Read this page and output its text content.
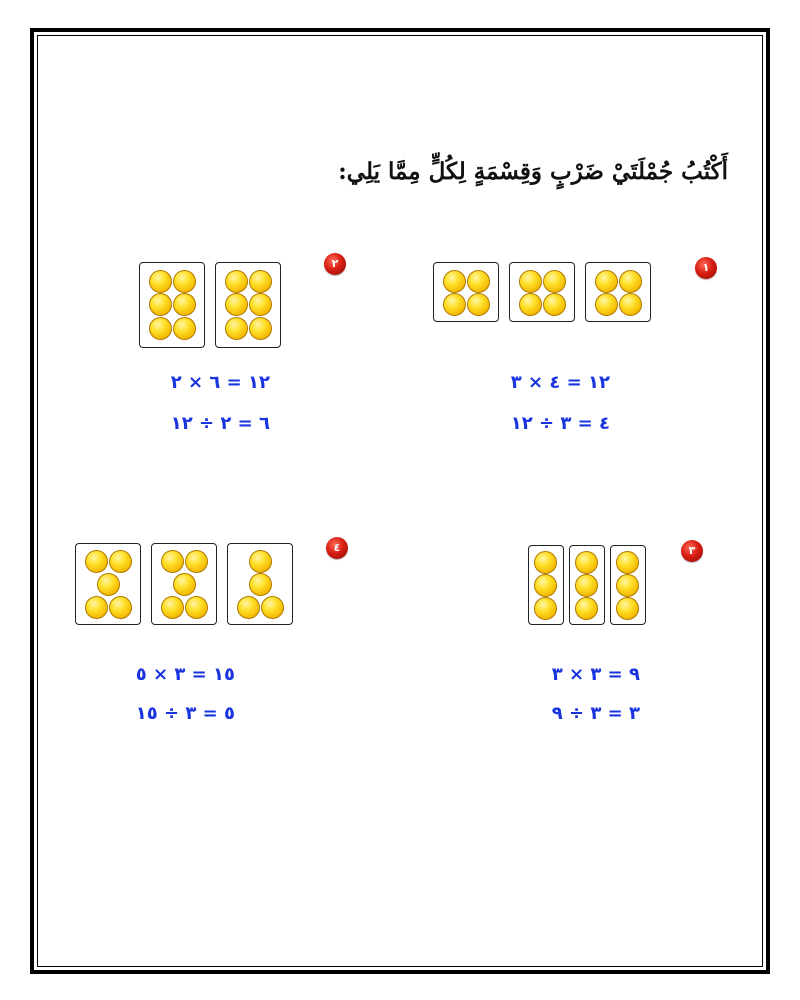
أَكْتُبُ جُمْلَتَيْ ضَرْبٍ وَقِسْمَةٍ لِكُلٍّ مِمَّا يَلِي:
١
١٢ = ٤ × ٣
٤ = ٣ ÷ ١٢
٢
١٢ = ٦ × ٢
٦ = ٢ ÷ ١٢
٣
٩ = ٣ × ٣
٣ = ٣ ÷ ٩
٤
١٥ = ٣ × ٥
٥ = ٣ ÷ ١٥
